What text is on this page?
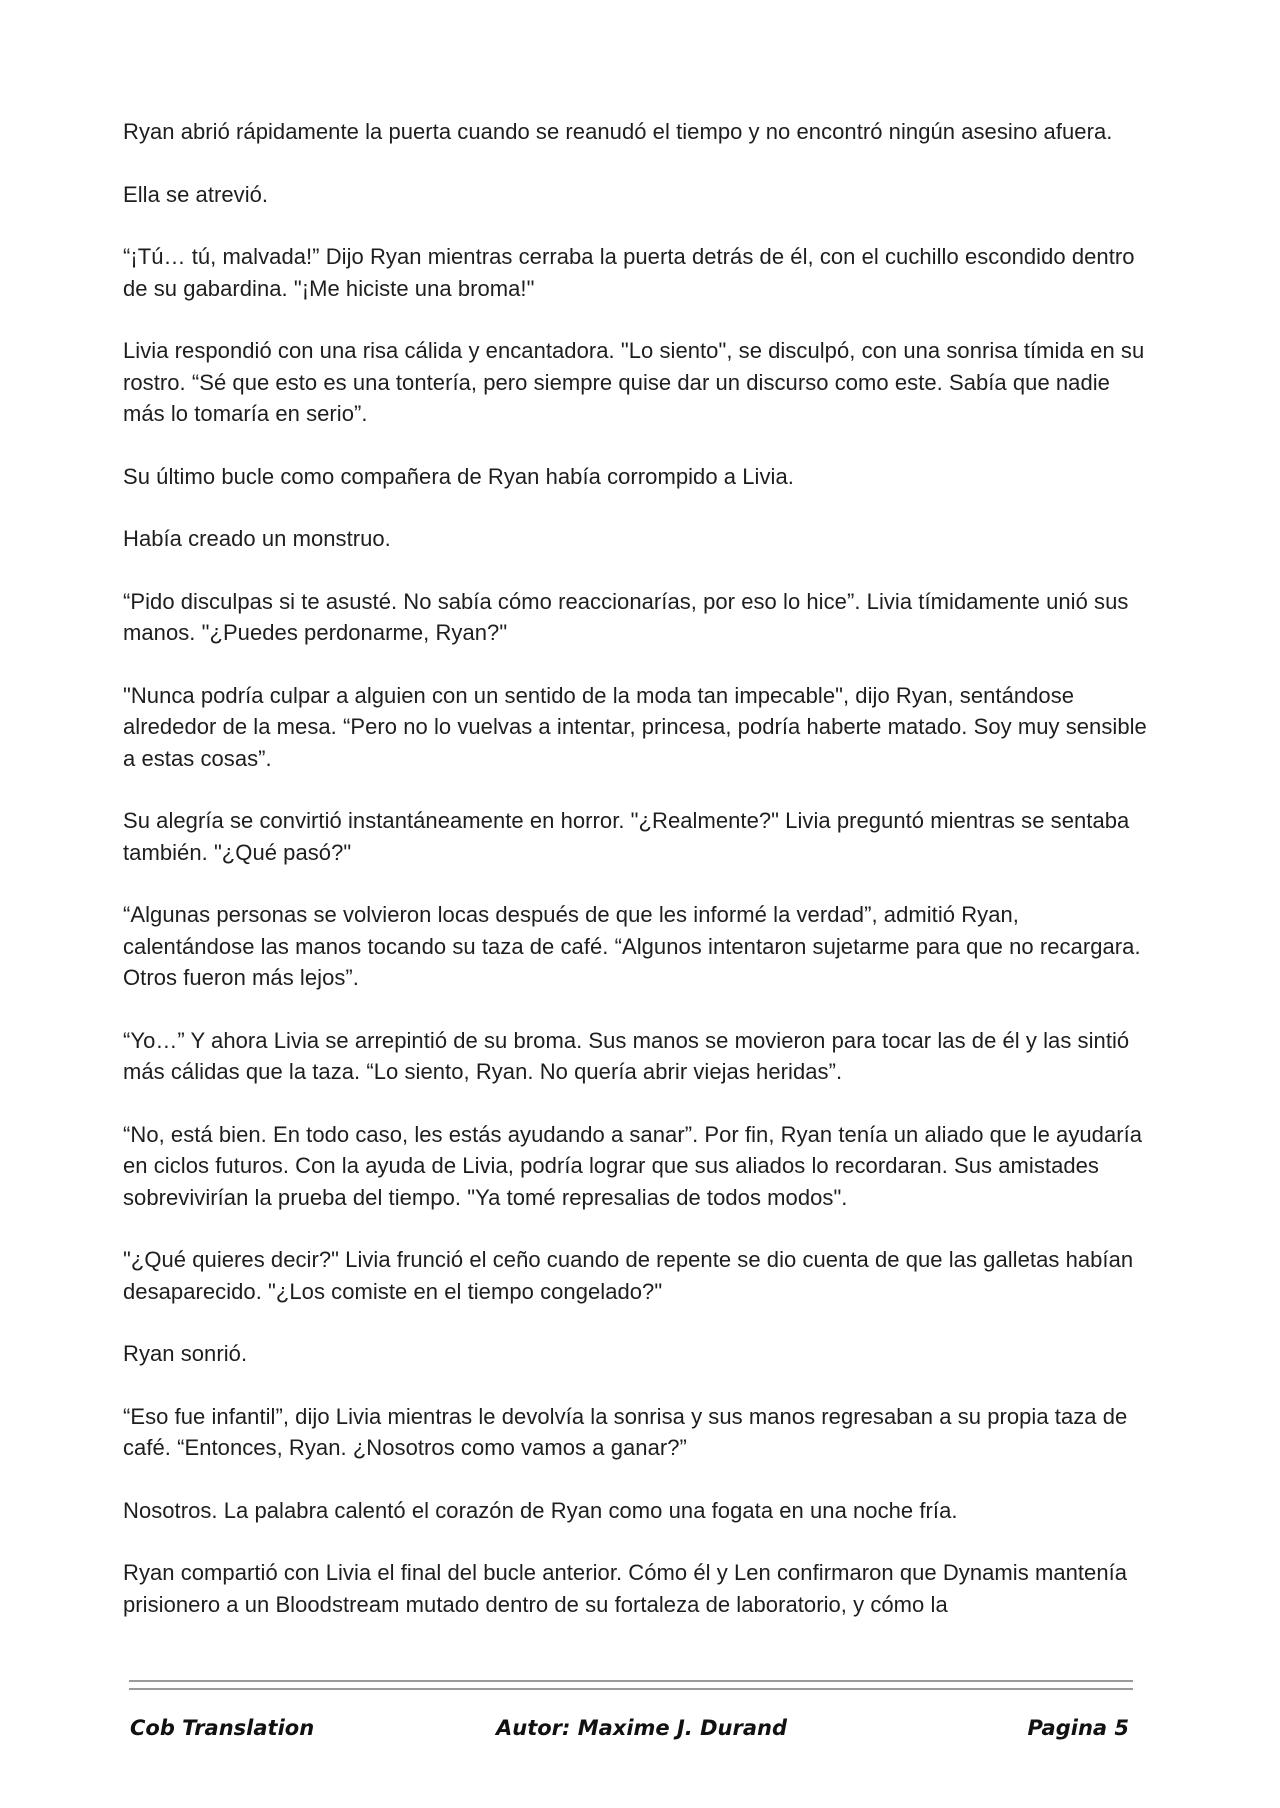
Ryan abrió rápidamente la puerta cuando se reanudó el tiempo y no encontró ningún asesino afuera.

Ella se atrevió.

“¡Tú… tú, malvada!” Dijo Ryan mientras cerraba la puerta detrás de él, con el cuchillo escondido dentro de su gabardina. "¡Me hiciste una broma!"

Livia respondió con una risa cálida y encantadora. "Lo siento", se disculpó, con una sonrisa tímida en su rostro. “Sé que esto es una tontería, pero siempre quise dar un discurso como este. Sabía que nadie más lo tomaría en serio”.

Su último bucle como compañera de Ryan había corrompido a Livia.

Había creado un monstruo.

“Pido disculpas si te asusté. No sabía cómo reaccionarías, por eso lo hice”. Livia tímidamente unió sus manos. "¿Puedes perdonarme, Ryan?"

"Nunca podría culpar a alguien con un sentido de la moda tan impecable", dijo Ryan, sentándose alrededor de la mesa. “Pero no lo vuelvas a intentar, princesa, podría haberte matado. Soy muy sensible a estas cosas”.

Su alegría se convirtió instantáneamente en horror. "¿Realmente?" Livia preguntó mientras se sentaba también. "¿Qué pasó?"

“Algunas personas se volvieron locas después de que les informé la verdad”, admitió Ryan, calentándose las manos tocando su taza de café. “Algunos intentaron sujetarme para que no recargara. Otros fueron más lejos”.

“Yo…” Y ahora Livia se arrepintió de su broma. Sus manos se movieron para tocar las de él y las sintió más cálidas que la taza. “Lo siento, Ryan. No quería abrir viejas heridas”.

“No, está bien. En todo caso, les estás ayudando a sanar”. Por fin, Ryan tenía un aliado que le ayudaría en ciclos futuros. Con la ayuda de Livia, podría lograr que sus aliados lo recordaran. Sus amistades sobrevivirían la prueba del tiempo. "Ya tomé represalias de todos modos".

"¿Qué quieres decir?" Livia frunció el ceño cuando de repente se dio cuenta de que las galletas habían desaparecido. "¿Los comiste en el tiempo congelado?"

Ryan sonrió.

“Eso fue infantil”, dijo Livia mientras le devolvía la sonrisa y sus manos regresaban a su propia taza de café. “Entonces, Ryan. ¿Nosotros como vamos a ganar?”

Nosotros. La palabra calentó el corazón de Ryan como una fogata en una noche fría.

Ryan compartió con Livia el final del bucle anterior. Cómo él y Len confirmaron que Dynamis mantenía prisionero a un Bloodstream mutado dentro de su fortaleza de laboratorio, y cómo la

Cob Translation	Autor: Maxime J. Durand	Pagina 5
